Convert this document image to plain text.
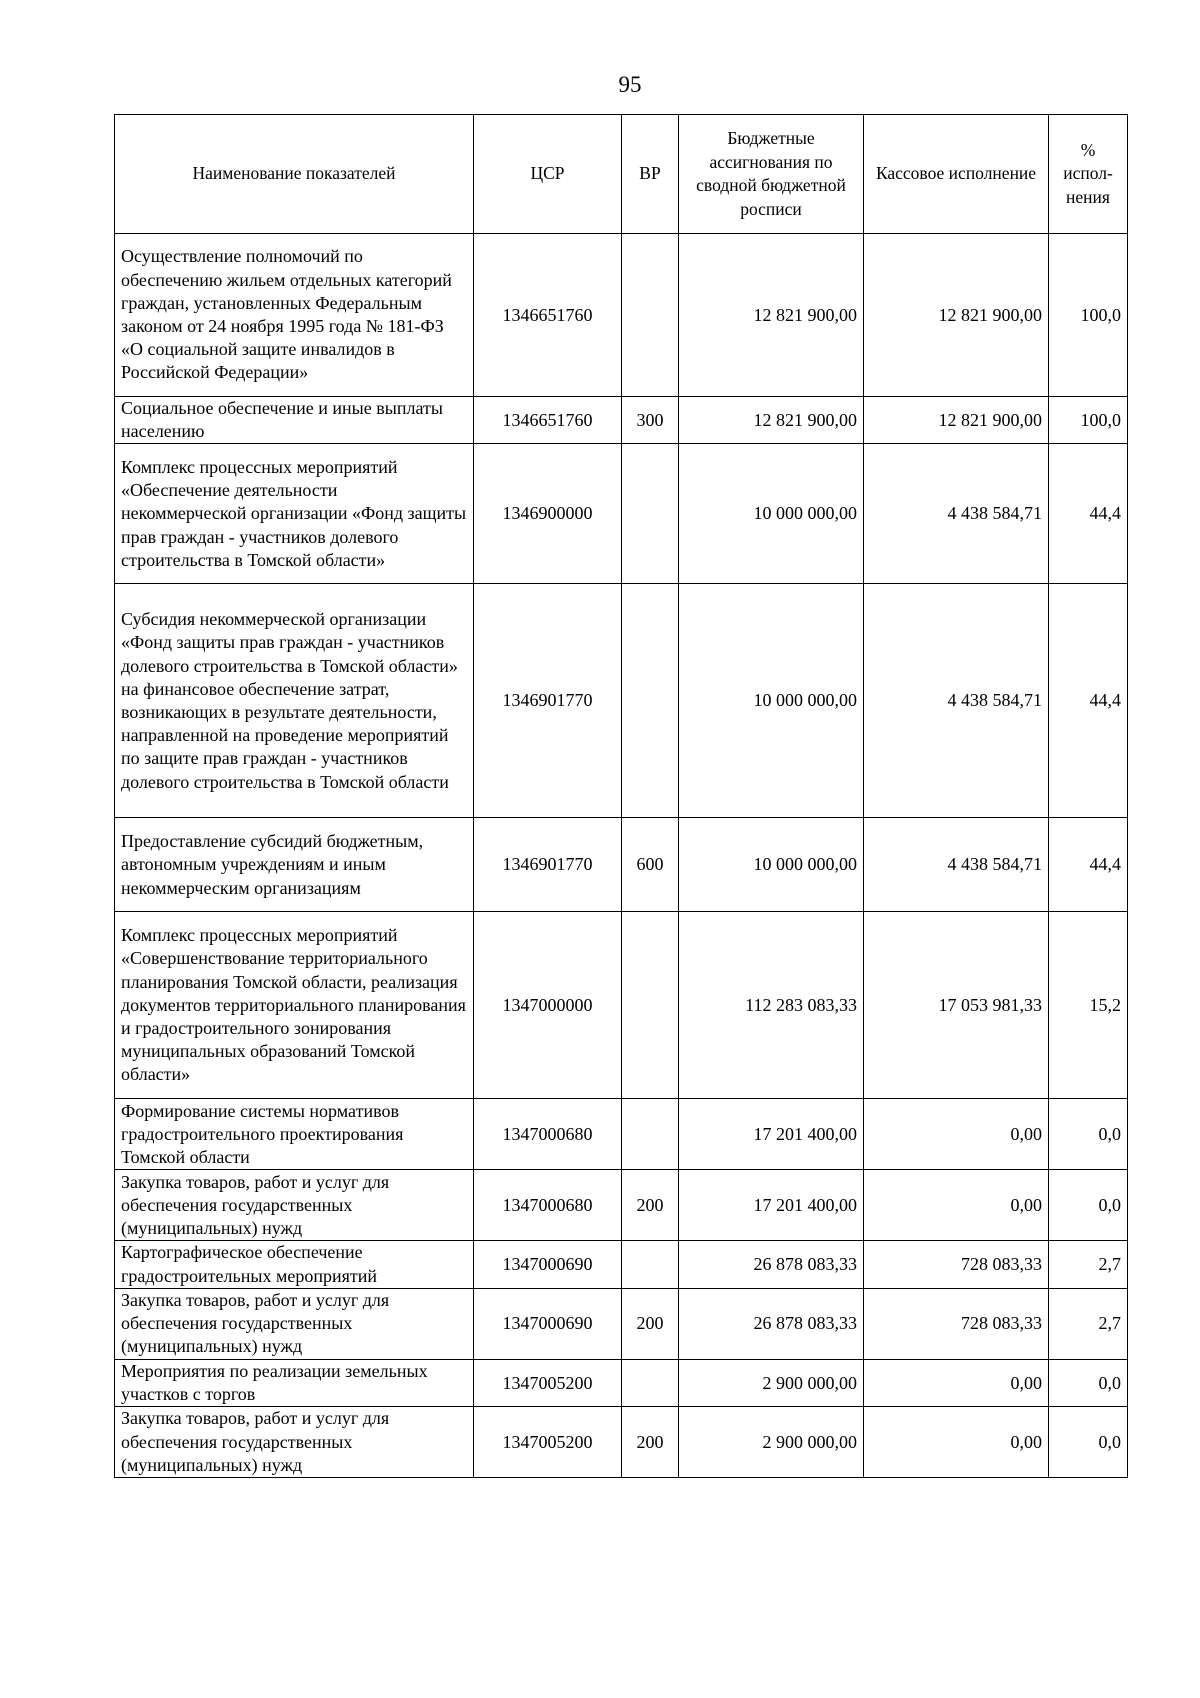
95
Наименование показателей	ЦСР	ВР	Бюджетные ассигнования по сводной бюджетной росписи	Кассовое исполнение	% испол-нения
Осуществление полномочий по обеспечению жильем отдельных категорий граждан, установленных Федеральным законом от 24 ноября 1995 года № 181-ФЗ «О социальной защите инвалидов в Российской Федерации»	1346651760		12 821 900,00	12 821 900,00	100,0
Социальное обеспечение и иные выплаты населению	1346651760	300	12 821 900,00	12 821 900,00	100,0
Комплекс процессных мероприятий «Обеспечение деятельности некоммерческой организации «Фонд защиты прав граждан - участников долевого строительства в Томской области»	1346900000		10 000 000,00	4 438 584,71	44,4
Субсидия некоммерческой организации «Фонд защиты прав граждан - участников долевого строительства в Томской области» на финансовое обеспечение затрат, возникающих в результате деятельности, направленной на проведение мероприятий по защите прав граждан - участников долевого строительства в Томской области	1346901770		10 000 000,00	4 438 584,71	44,4
Предоставление субсидий бюджетным, автономным учреждениям и иным некоммерческим организациям	1346901770	600	10 000 000,00	4 438 584,71	44,4
Комплекс процессных мероприятий «Совершенствование территориального планирования Томской области, реализация документов территориального планирования и градостроительного зонирования муниципальных образований Томской области»	1347000000		112 283 083,33	17 053 981,33	15,2
Формирование системы нормативов градостроительного проектирования Томской области	1347000680		17 201 400,00	0,00	0,0
Закупка товаров, работ и услуг для обеспечения государственных (муниципальных) нужд	1347000680	200	17 201 400,00	0,00	0,0
Картографическое обеспечение градостроительных мероприятий	1347000690		26 878 083,33	728 083,33	2,7
Закупка товаров, работ и услуг для обеспечения государственных (муниципальных) нужд	1347000690	200	26 878 083,33	728 083,33	2,7
Мероприятия по реализации земельных участков с торгов	1347005200		2 900 000,00	0,00	0,0
Закупка товаров, работ и услуг для обеспечения государственных (муниципальных) нужд	1347005200	200	2 900 000,00	0,00	0,0
